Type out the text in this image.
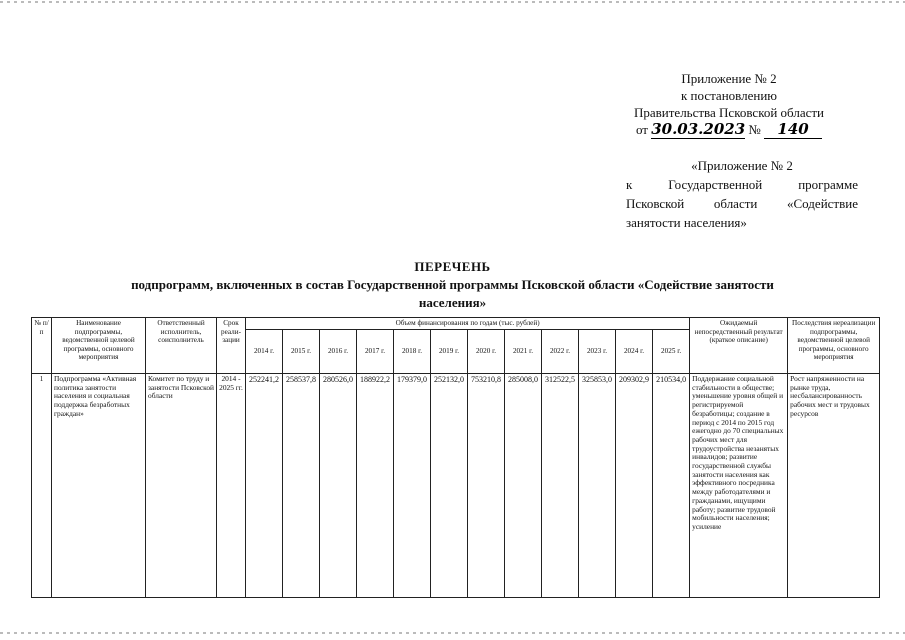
Приложение № 2
к постановлению
Правительства Псковской области
от 30.03.2023 № 140
«Приложение № 2
к	Государственной	программе
Псковской области «Содействие
занятости населения»
ПЕРЕЧЕНЬ
подпрограмм, включенных в состав Государственной программы Псковской области «Содействие занятости
населения»
№ п/п	Наименование подпрограммы, ведомственной целевой программы, основного мероприятия	Ответственный исполнитель, соисполнитель	Срок реали-зации	Объем финансирования по годам (тыс. рублей)												Ожидаемый непосредственный результат (краткое описание)	Последствия нереализации подпрограммы, ведомственной целевой программы, основного мероприятия
				2014 г.	2015 г.	2016 г.	2017 г.	2018 г.	2019 г.	2020 г.	2021 г.	2022 г.	2023 г.	2024 г.	2025 г.		
1	Подпрограмма «Активная политика занятости населения и социальная поддержка безработных граждан»	Комитет по труду и занятости Псковской области	2014 - 2025 гг.	252241,2	258537,8	280526,0	188922,2	179379,0	252132,0	753210,8	285008,0	312522,5	325853,0	209302,9	210534,0	Поддержание социальной стабильности в обществе; уменьшение уровня общей и регистрируемой безработицы; создание в период с 2014 по 2015 год ежегодно до 70 специальных рабочих мест для трудоустройства незанятых инвалидов; развитие государственной службы занятости населения как эффективного посредника между работодателями и гражданами, ищущими работу; развитие трудовой мобильности населения; усиление	Рост напряженности на рынке труда, несбалансированность рабочих мест и трудовых ресурсов
